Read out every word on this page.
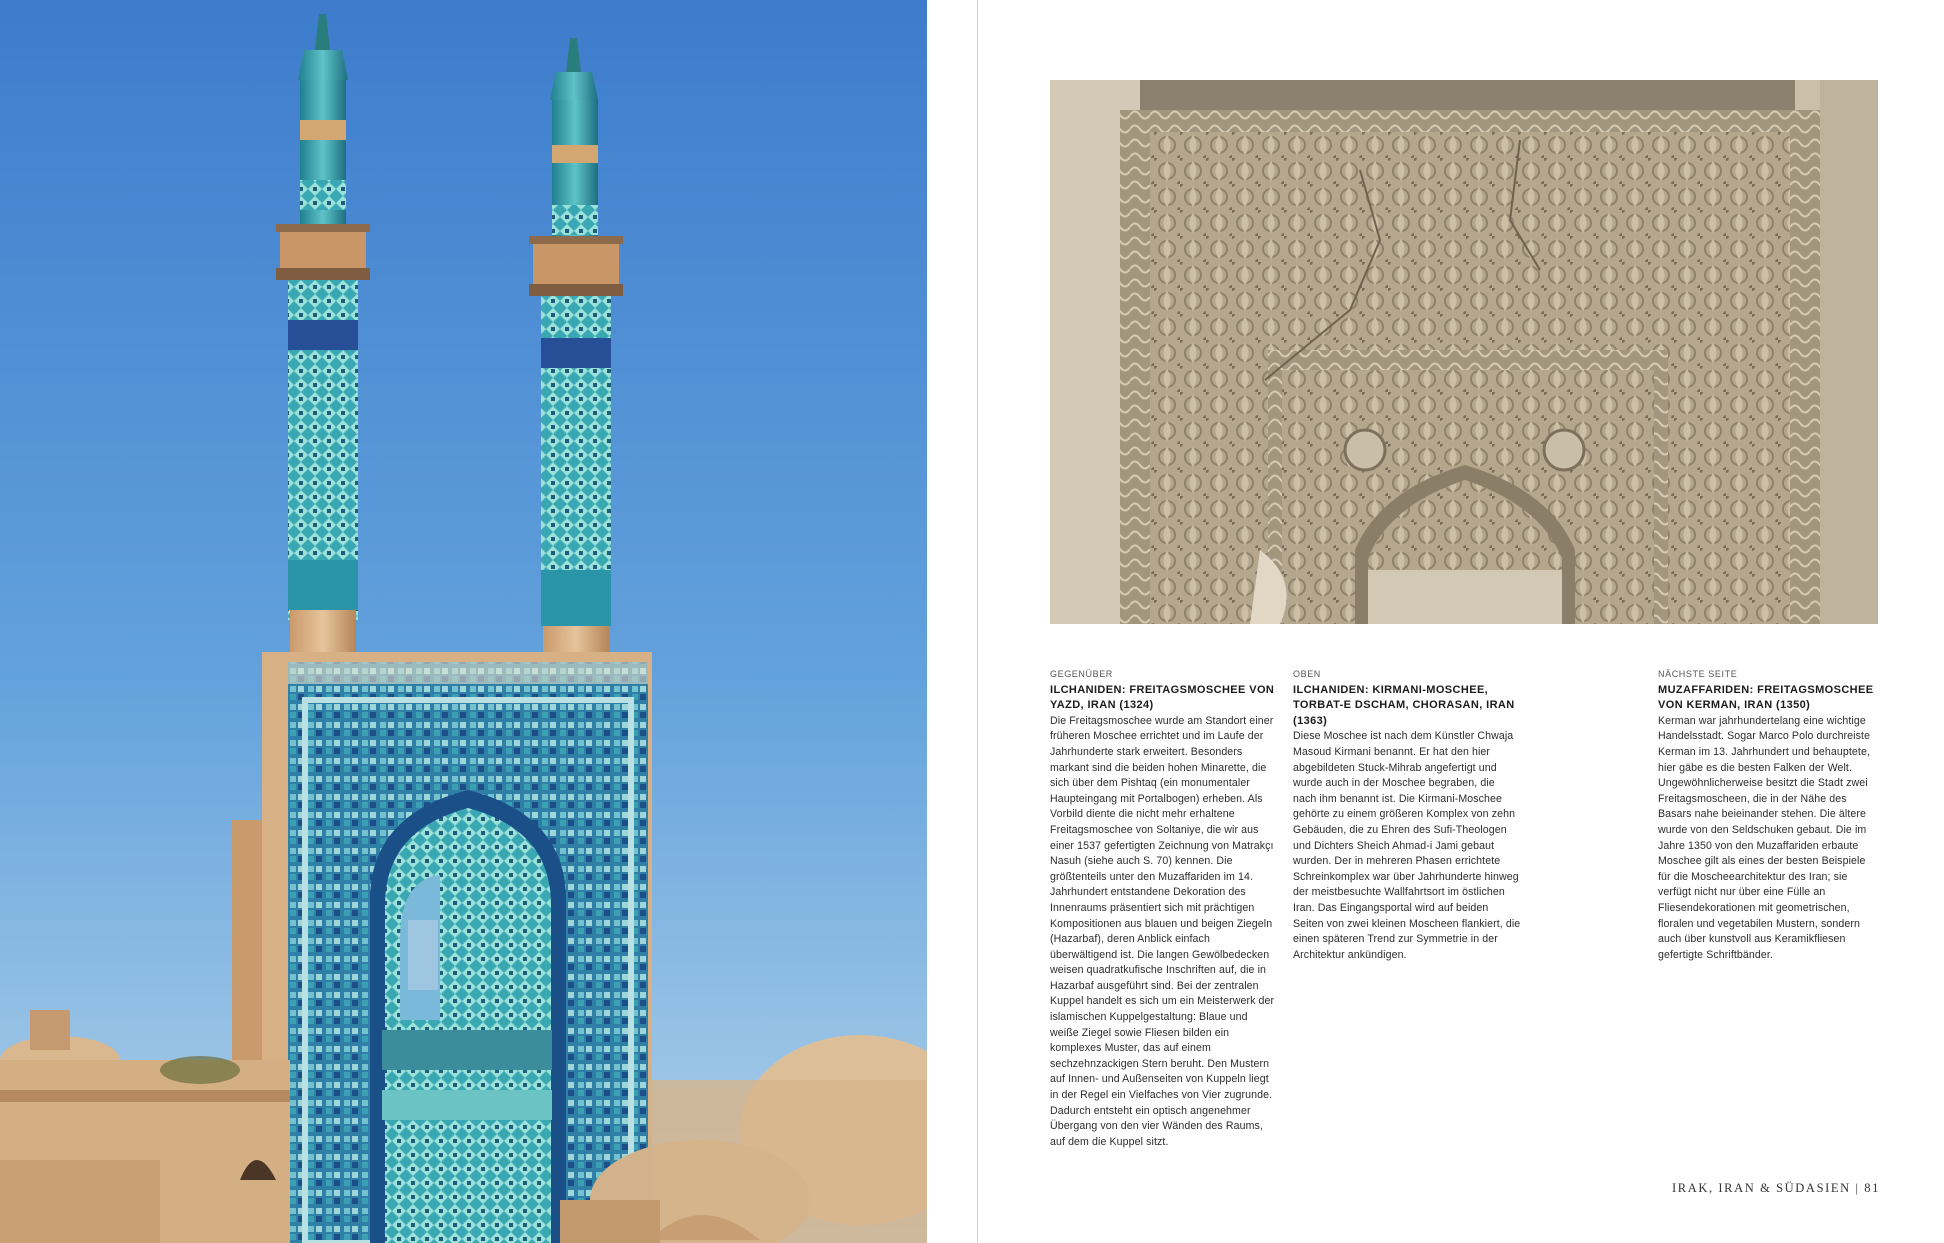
GEGENÜBER
ILCHANIDEN: FREITAGSMOSCHEE VON YAZD, IRAN (1324)

Die Freitagsmoschee wurde am Standort einer früheren Moschee errichtet und im Laufe der Jahrhunderte stark erweitert. Besonders markant sind die beiden hohen Minarette, die sich über dem Pishtaq (ein monumentaler Haupteingang mit Portalbogen) erheben. Als Vorbild diente die nicht mehr erhaltene Freitagsmoschee von Soltaniye, die wir aus einer 1537 gefertigten Zeichnung von Matrakçı Nasuh (siehe auch S. 70) kennen. Die größtenteils unter den Muzaffariden im 14. Jahrhundert entstandene Dekoration des Innenraums präsentiert sich mit prächtigen Kompositionen aus blauen und beigen Ziegeln (Hazarbaf), deren Anblick einfach überwältigend ist. Die langen Gewölbedecken weisen quadratkufische Inschriften auf, die in Hazarbaf ausgeführt sind. Bei der zentralen Kuppel handelt es sich um ein Meisterwerk der islamischen Kuppelgestaltung: Blaue und weiße Ziegel sowie Fliesen bilden ein komplexes Muster, das auf einem sechzehnzackigen Stern beruht. Den Mustern auf Innen- und Außenseiten von Kuppeln liegt in der Regel ein Vielfaches von Vier zugrunde. Dadurch entsteht ein optisch angenehmer Übergang von den vier Wänden des Raums, auf dem die Kuppel sitzt.

OBEN
ILCHANIDEN: KIRMANI-MOSCHEE, TORBAT-E DSCHAM, CHORASAN, IRAN (1363)

Diese Moschee ist nach dem Künstler Chwaja Masoud Kirmani benannt. Er hat den hier abgebildeten Stuck-Mihrab angefertigt und wurde auch in der Moschee begraben, die nach ihm benannt ist. Die Kirmani-Moschee gehörte zu einem größeren Komplex von zehn Gebäuden, die zu Ehren des Sufi-Theologen und Dichters Sheich Ahmad-i Jami gebaut wurden. Der in mehreren Phasen errichtete Schreinkomplex war über Jahrhunderte hinweg der meistbesuchte Wallfahrtsort im östlichen Iran. Das Eingangsportal wird auf beiden Seiten von zwei kleinen Moscheen flankiert, die einen späteren Trend zur Symmetrie in der Architektur ankündigen.

NÄCHSTE SEITE
MUZAFFARIDEN: FREITAGSMOSCHEE VON KERMAN, IRAN (1350)

Kerman war jahrhundertelang eine wichtige Handelsstadt. Sogar Marco Polo durchreiste Kerman im 13. Jahrhundert und behauptete, hier gäbe es die besten Falken der Welt. Ungewöhnlicherweise besitzt die Stadt zwei Freitagsmoscheen, die in der Nähe des Basars nahe beieinander stehen. Die ältere wurde von den Seldschuken gebaut. Die im Jahre 1350 von den Muzaffariden erbaute Moschee gilt als eines der besten Beispiele für die Moscheearchitektur des Iran; sie verfügt nicht nur über eine Fülle an Fliesendekorationen mit geometrischen, floralen und vegetabilen Mustern, sondern auch über kunstvoll aus Keramikfliesen gefertigte Schriftbänder.

IRAK, IRAN & SÜDASIEN | 81
